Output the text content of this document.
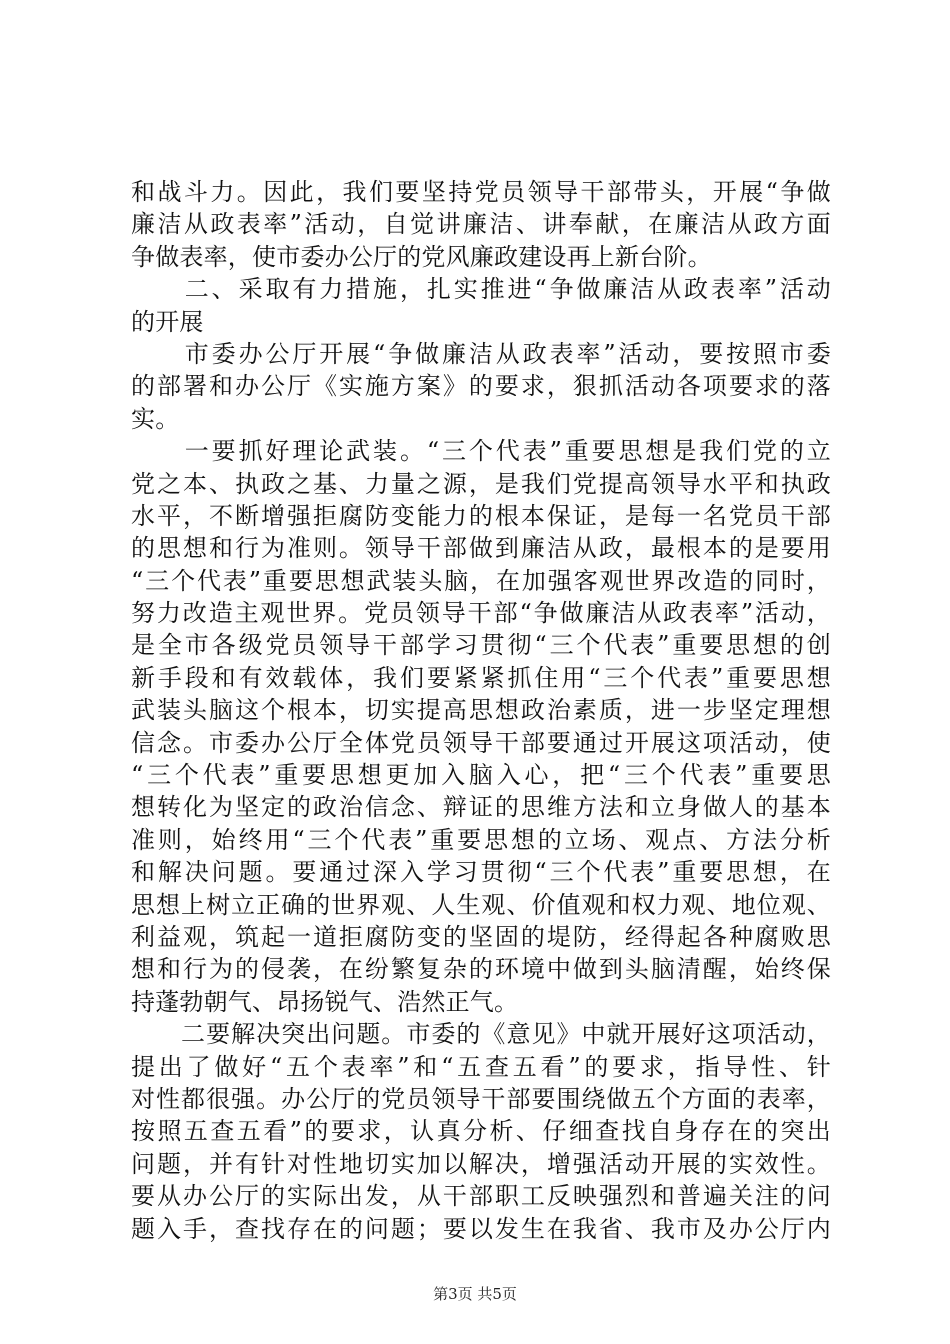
和战斗力。因此，我们要坚持党员领导干部带头，开展“争做
廉洁从政表率”活动，自觉讲廉洁、讲奉献，在廉洁从政方面
争做表率，使市委办公厅的党风廉政建设再上新台阶。
　　二、采取有力措施，扎实推进“争做廉洁从政表率”活动
的开展
　　市委办公厅开展“争做廉洁从政表率”活动，要按照市委
的部署和办公厅《实施方案》的要求，狠抓活动各项要求的落
实。
　　一要抓好理论武装。“三个代表”重要思想是我们党的立
党之本、执政之基、力量之源，是我们党提高领导水平和执政
水平，不断增强拒腐防变能力的根本保证，是每一名党员干部
的思想和行为准则。领导干部做到廉洁从政，最根本的是要用
“三个代表”重要思想武装头脑，在加强客观世界改造的同时，
努力改造主观世界。党员领导干部“争做廉洁从政表率”活动，
是全市各级党员领导干部学习贯彻“三个代表”重要思想的创
新手段和有效载体，我们要紧紧抓住用“三个代表”重要思想
武装头脑这个根本，切实提高思想政治素质，进一步坚定理想
信念。市委办公厅全体党员领导干部要通过开展这项活动，使
“三个代表”重要思想更加入脑入心，把“三个代表”重要思
想转化为坚定的政治信念、辩证的思维方法和立身做人的基本
准则，始终用“三个代表”重要思想的立场、观点、方法分析
和解决问题。要通过深入学习贯彻“三个代表”重要思想，在
思想上树立正确的世界观、人生观、价值观和权力观、地位观、
利益观，筑起一道拒腐防变的坚固的堤防，经得起各种腐败思
想和行为的侵袭，在纷繁复杂的环境中做到头脑清醒，始终保
持蓬勃朝气、昂扬锐气、浩然正气。
　　二要解决突出问题。市委的《意见》中就开展好这项活动，
提出了做好“五个表率”和“五查五看”的要求，指导性、针
对性都很强。办公厅的党员领导干部要围绕做五个方面的表率，
按照五查五看”的要求，认真分析、仔细查找自身存在的突出
问题，并有针对性地切实加以解决，增强活动开展的实效性。
要从办公厅的实际出发，从干部职工反映强烈和普遍关注的问
题入手，查找存在的问题；要以发生在我省、我市及办公厅内
第3页 共5页
